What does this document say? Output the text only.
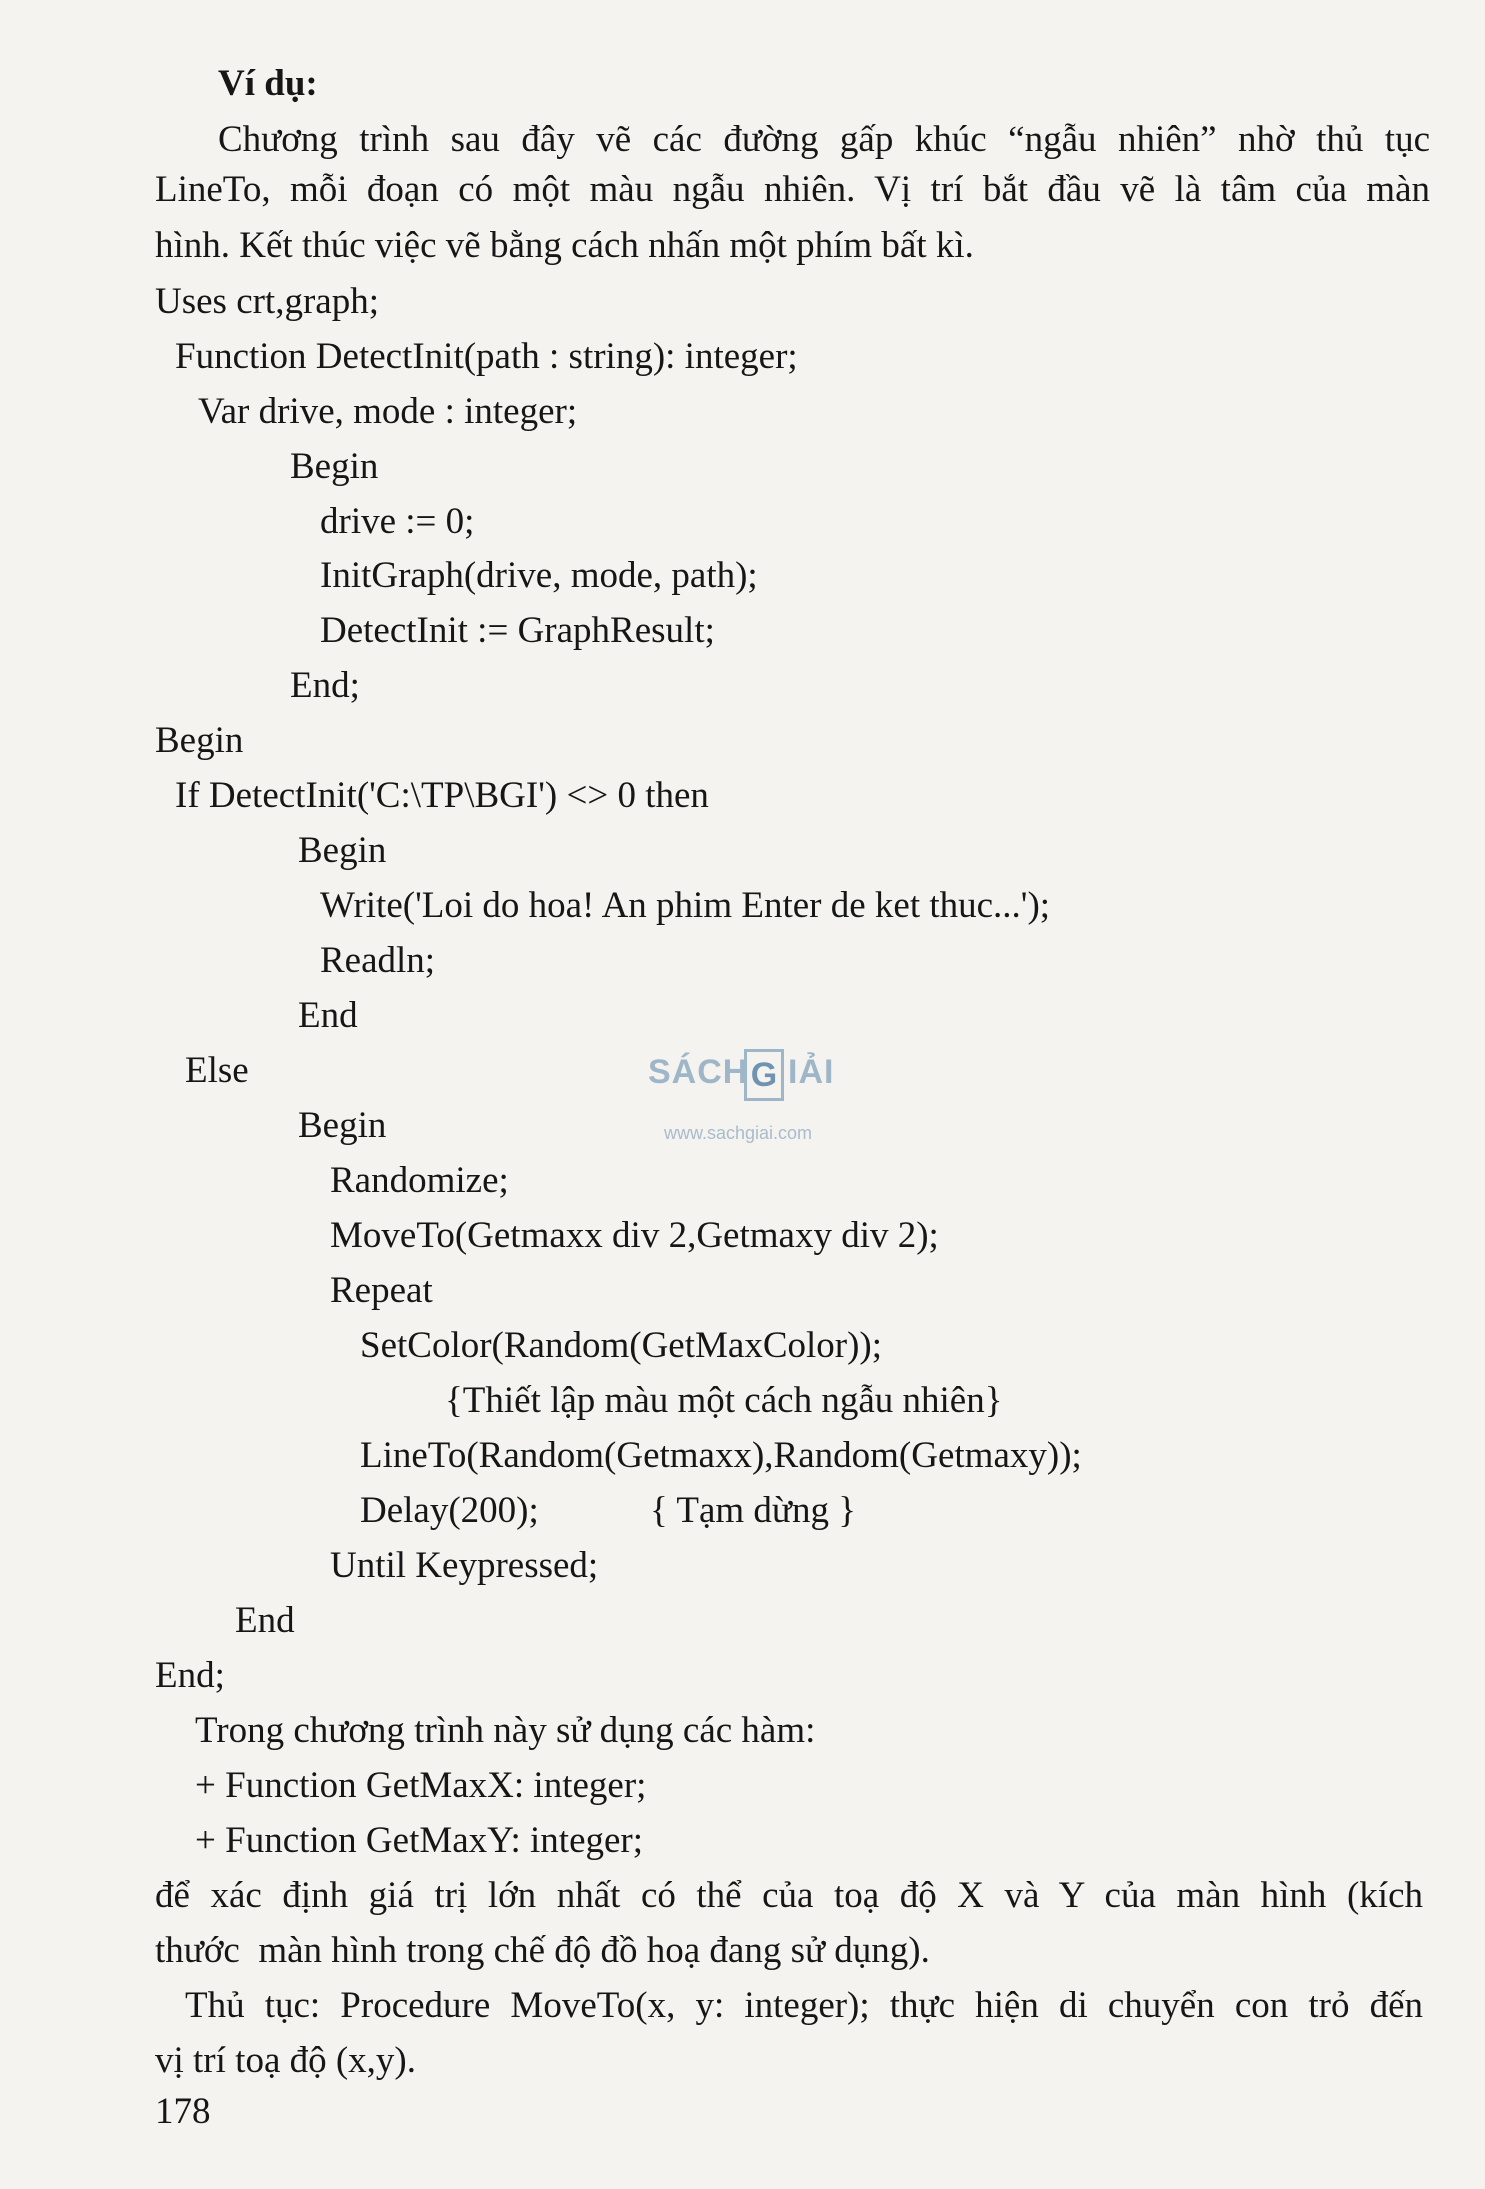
Ví dụ:
Chương trình sau đây vẽ các đường gấp khúc “ngẫu nhiên” nhờ thủ tục
LineTo, mỗi đoạn có một màu ngẫu nhiên. Vị trí bắt đầu vẽ là tâm của màn
hình. Kết thúc việc vẽ bằng cách nhấn một phím bất kì.
Uses crt,graph;
Function DetectInit(path : string): integer;
Var drive, mode : integer;
Begin
drive := 0;
InitGraph(drive, mode, path);
DetectInit := GraphResult;
End;
Begin
If DetectInit('C:\TP\BGI') <> 0 then
Begin
Write('Loi do hoa! An phim Enter de ket thuc...');
Readln;
End
Else
Begin
Randomize;
MoveTo(Getmaxx div 2,Getmaxy div 2);
Repeat
SetColor(Random(GetMaxColor));
{Thiết lập màu một cách ngẫu nhiên}
LineTo(Random(Getmaxx),Random(Getmaxy));
Delay(200);	{ Tạm dừng }
Until Keypressed;
End
End;
Trong chương trình này sử dụng các hàm:
+ Function GetMaxX: integer;
+ Function GetMaxY: integer;
để xác định giá trị lớn nhất có thể của toạ độ X và Y của màn hình (kích
thước  màn hình trong chế độ đồ hoạ đang sử dụng).
Thủ tục: Procedure MoveTo(x, y: integer); thực hiện di chuyển con trỏ đến
vị trí toạ độ (x,y).
SÁCH G IẢI
www.sachgiai.com
178
